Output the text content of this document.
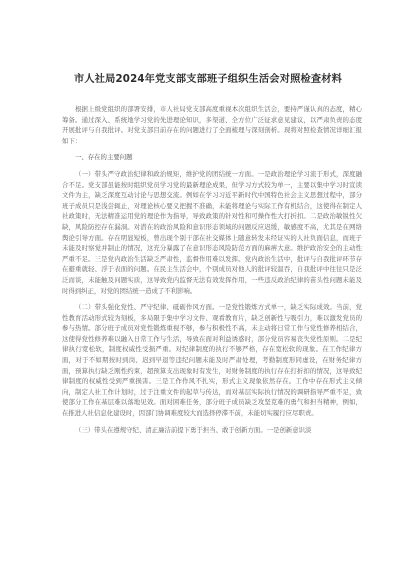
市人社局2024年党支部支部班子组织生活会对照检查材料

根据上级党组织的部署安排，市人社局党支部高度重视本次组织生活会，要持严谨认真的态度，精心筹备。通过深入、系统地学习党的先进理论知识，多渠道、全方位广泛征求意见建议，以严肃负责的态度开展批评与自我批评。对党支部目前存在的问题进行了全面梳理与深刻剖析。现将对照检查情况详细汇报如下：

一、存在的主要问题

（一）带头严守政治纪律和政治规矩，维护党的团结统一方面。一是政治理论学习流于形式，深度融合不足。党支部虽能按时组织党员学习党的最新理论成果，但学习方式较为单一，主要以集中学习时宣读文件为主，缺乏深度互动讨论与思想交流。例如在学习习近平新时代中国特色社会主义思想过程中，部分班子成员只是浅尝辄止，对理论核心要义把握不准确，未能将理论与实际工作有机结合，这使得在制定人社政策时，无法精准运用党的理论作为指导，导致政策的针对性和可操作性大打折扣。二是政治敏锐性欠缺，风险防控存在漏洞。对潜在的政治风险和意识形态领域的问题反应迟缓，敏感度不高，尤其是在网络舆论引导方面。存在明显短板，曾出现个别干部在社交媒体上随意转发未经证实的人社负面信息，而班子未能及时察觉并制止的情况，这充分暴露了在意识形态风险防范方面的麻痹大意。维护政治安全的主动性严重不足。三是党内政治生活缺乏严肃性，监督作用难以发挥。党内政治生活中，批评与自我批评环节存在避重就轻、浮于表面的问题。在民主生活会中，个别成员对他人的批评较温吞，自我批评中往往只是泛泛而谈，未能触及问题实质，这导致党内监督无法有效发挥作用，一些违反政治纪律的苗头性问题未能及时得到纠正，对党的团结统一造成了不利影响。

（二）带头强化党性、严守纪律、砥砺作风方面。一是党性锻炼方式单一，缺乏实际成效。当前，党性教育活动形式较为刻板，多局限于集中学习文件、观看教育片，缺乏创新性与吸引力，难以激发党员的参与热情。部分班子成员对党性锻炼重视不够，参与积极性不高，未主动将日常工作与党性修养相结合，这使得党性修养难以融入日常工作与生活，导致在面对利益诱惑时，部分党员容易丧失党性原则。二是纪律执行宽松软，制度权威性受损严重。对纪律制度的执行不够严格，存在宽松软的现象。在工作纪律方面，对于不如期按时到岗、迟到早退等违纪问题未能及时严肃处理，考勤制度形同虚设，在财务纪律方面，预算执行缺乏刚性约束，超预算支出现象时有发生，对财务制度的执行存在打折扣的情况，这导致纪律制度的权威性受到严重损害。三是工作作风不扎实，形式主义现象依然存在。工作中存在形式主义倾向，制定人社工作计划时，过于注重文件的起草与传达，而对基层实际执行情况的调研指导严重不足，致使部分工作在基层难以落地见效。面对困难任务，部分班子成员缺乏攻坚克难的勇气和担当精神，例如，在推进人社信息化建设时，因部门协调难度较大而选择停滞不前，未能切实履行应尽职责。

（三）带头在遵规守纪、清正廉洁前提下勇于担当、敢于创新方面。一是创新意识淡
